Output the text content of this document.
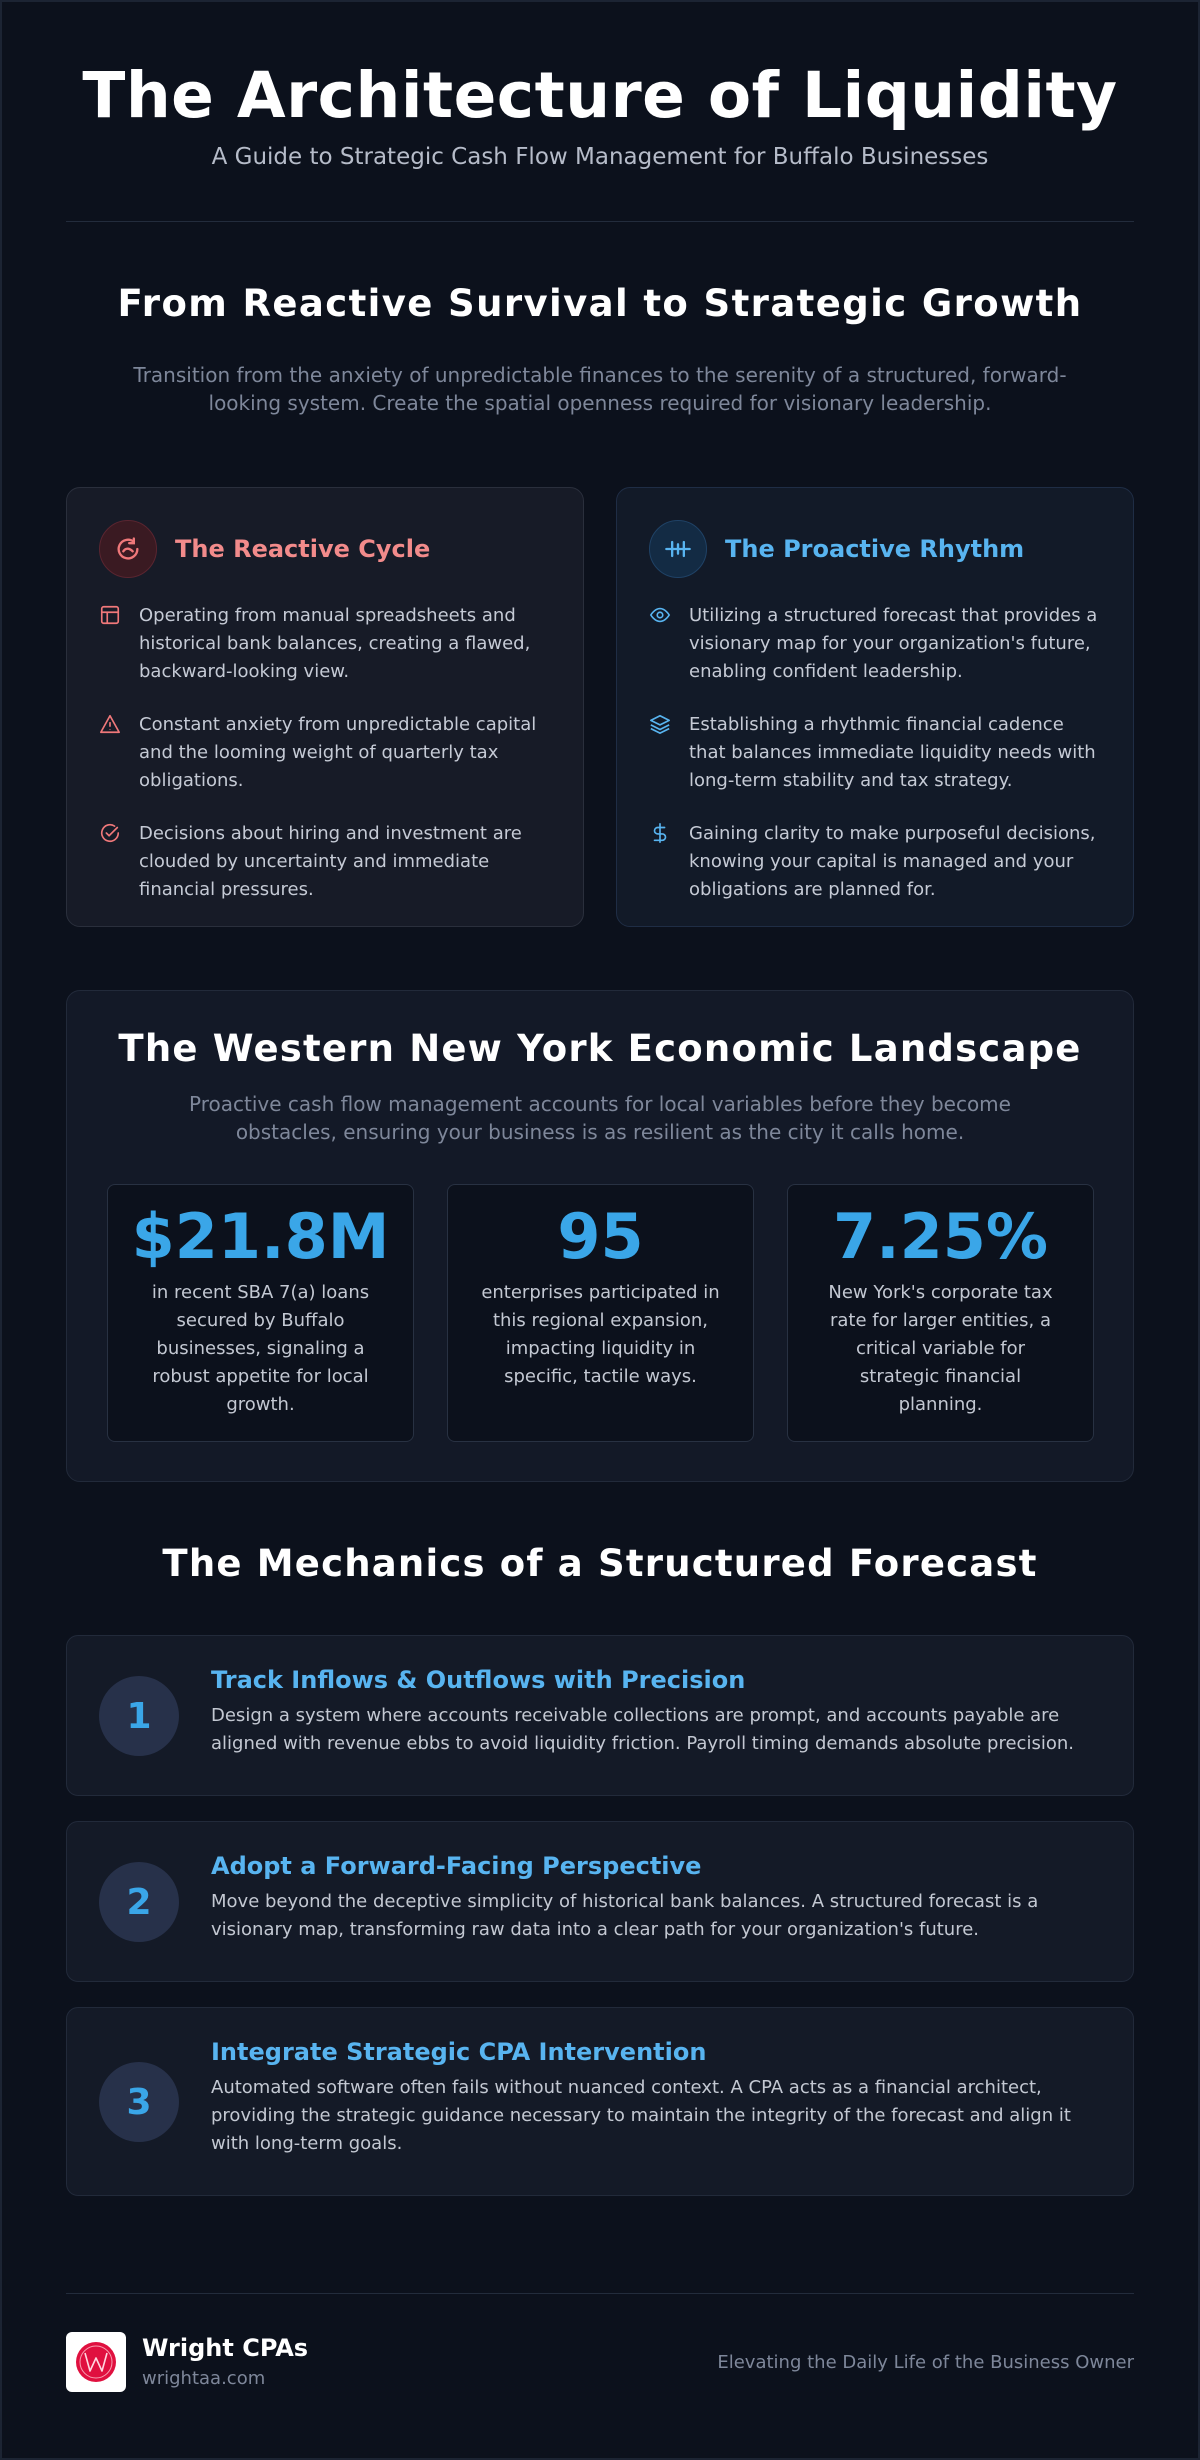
The Architecture of Liquidity
A Guide to Strategic Cash Flow Management for Buffalo Businesses
From Reactive Survival to Strategic Growth

Transition from the anxiety of unpredictable finances to the serenity of a structured, forward-looking system. Create the spatial openness required for visionary leadership.

The Reactive Cycle
Operating from manual spreadsheets and historical bank balances, creating a flawed, backward-looking view.
Constant anxiety from unpredictable capital and the looming weight of quarterly tax obligations.
Decisions about hiring and investment are clouded by uncertainty and immediate financial pressures.
The Proactive Rhythm
Utilizing a structured forecast that provides a visionary map for your organization's future, enabling confident leadership.
Establishing a rhythmic financial cadence that balances immediate liquidity needs with long-term stability and tax strategy.
Gaining clarity to make purposeful decisions, knowing your capital is managed and your obligations are planned for.
The Western New York Economic Landscape

Proactive cash flow management accounts for local variables before they become obstacles, ensuring your business is as resilient as the city it calls home.

$21.8M
in recent SBA 7(a) loans secured by Buffalo businesses, signaling a robust appetite for local growth.
95
enterprises participated in this regional expansion, impacting liquidity in specific, tactile ways.
7.25%
New York's corporate tax rate for larger entities, a critical variable for strategic financial planning.
The Mechanics of a Structured Forecast
1
Track Inflows & Outflows with Precision
Design a system where accounts receivable collections are prompt, and accounts payable are aligned with revenue ebbs to avoid liquidity friction. Payroll timing demands absolute precision.
2
Adopt a Forward-Facing Perspective
Move beyond the deceptive simplicity of historical bank balances. A structured forecast is a visionary map, transforming raw data into a clear path for your organization's future.
3
Integrate Strategic CPA Intervention
Automated software often fails without nuanced context. A CPA acts as a financial architect, providing the strategic guidance necessary to maintain the integrity of the forecast and align it with long-term goals.
Wright CPAs
wrightaa.com
Elevating the Daily Life of the Business Owner
